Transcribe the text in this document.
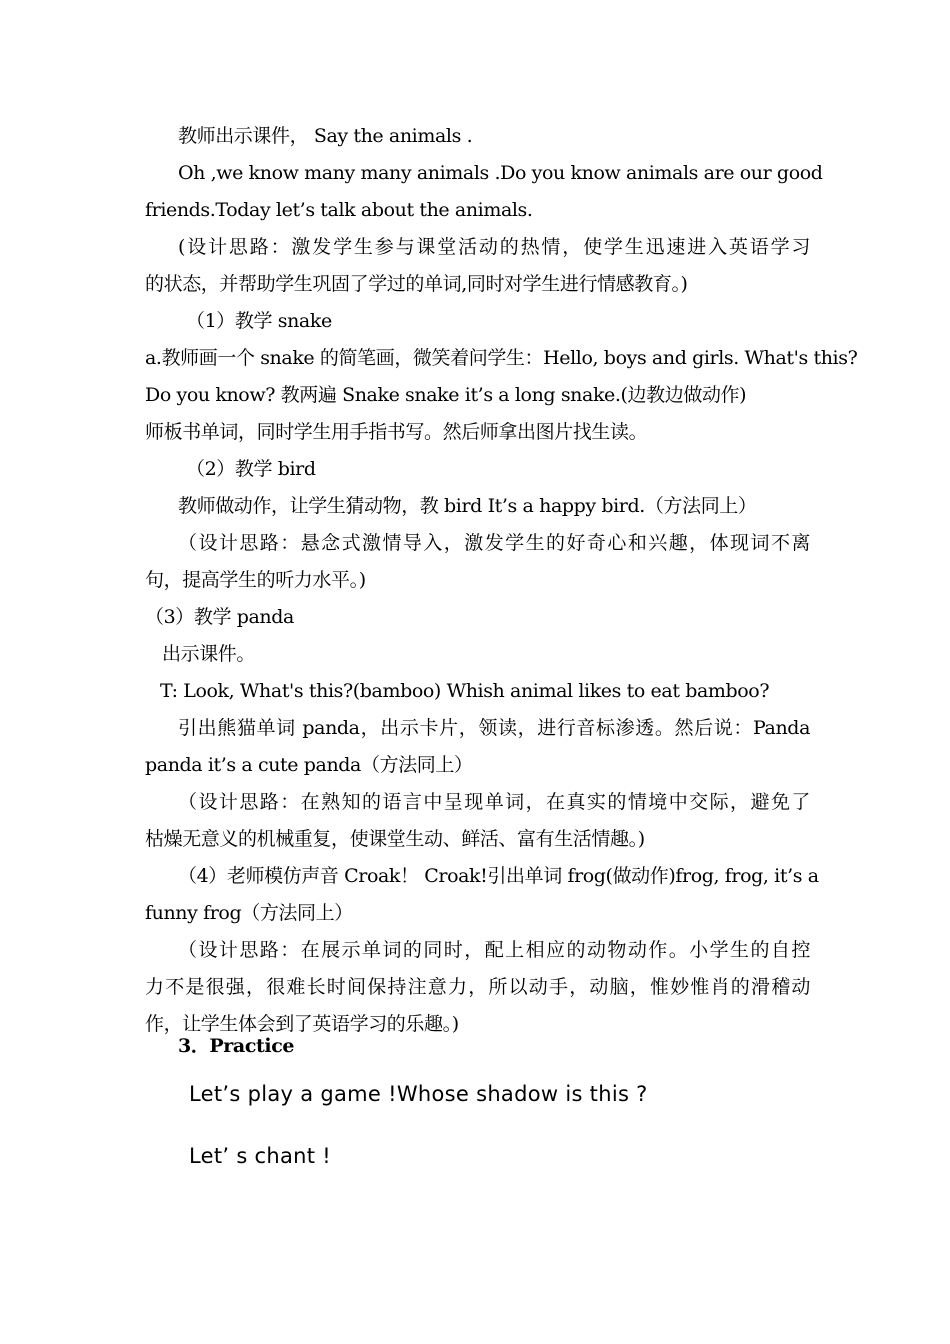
教师出示课件， Say the animals .
Oh ,we know many many animals .Do you know animals are our good
friends.Today let’s talk about the animals.
(设计思路：激发学生参与课堂活动的热情，使学生迅速进入英语学习
的状态，并帮助学生巩固了学过的单词,同时对学生进行情感教育。)
（1）教学 snake
a.教师画一个 snake 的简笔画，微笑着问学生：Hello, boys and girls. What's this?
Do you know? 教两遍 Snake snake it’s a long snake.(边教边做动作)
师板书单词，同时学生用手指书写。然后师拿出图片找生读。
（2）教学 bird
教师做动作，让学生猜动物，教 bird It’s a happy bird.（方法同上）
（设计思路：悬念式激情导入，激发学生的好奇心和兴趣，体现词不离
句，提高学生的听力水平。)
（3）教学 panda
出示课件。
T: Look, What's this?(bamboo) Whish animal likes to eat bamboo?
引出熊猫单词 panda，出示卡片，领读，进行音标渗透。然后说：Panda
panda it’s a cute panda（方法同上）
（设计思路：在熟知的语言中呈现单词，在真实的情境中交际，避免了
枯燥无意义的机械重复，使课堂生动、鲜活、富有生活情趣。)
（4）老师模仿声音 Croak！ Croak!引出单词 frog(做动作)frog, frog, it’s a
funny frog（方法同上）
（设计思路：在展示单词的同时，配上相应的动物动作。小学生的自控
力不是很强，很难长时间保持注意力，所以动手，动脑，惟妙惟肖的滑稽动
作，让学生体会到了英语学习的乐趣。)
3．Practice
Let’s play a game !Whose shadow is this ?
Let’ s chant !
